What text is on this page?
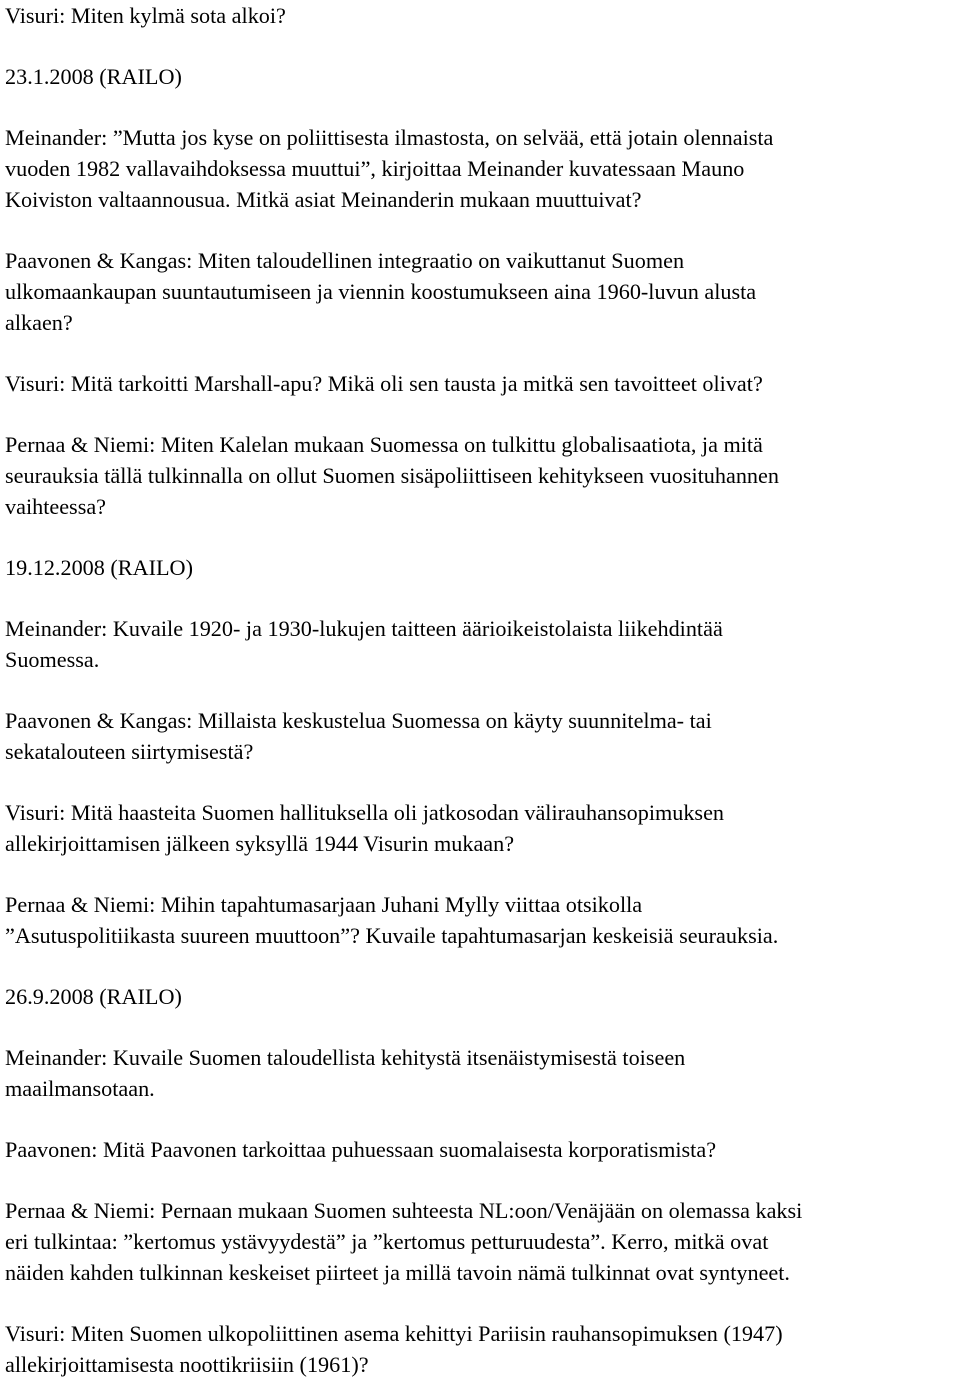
Visuri: Miten kylmä sota alkoi?
23.1.2008 (RAILO)
Meinander: ”Mutta jos kyse on poliittisesta ilmastosta, on selvää, että jotain olennaista
vuoden 1982 vallavaihdoksessa muuttui”, kirjoittaa Meinander kuvatessaan Mauno
Koiviston valtaannousua. Mitkä asiat Meinanderin mukaan muuttuivat?
Paavonen & Kangas: Miten taloudellinen integraatio on vaikuttanut Suomen
ulkomaankaupan suuntautumiseen ja viennin koostumukseen aina 1960-luvun alusta
alkaen?
Visuri: Mitä tarkoitti Marshall-apu? Mikä oli sen tausta ja mitkä sen tavoitteet olivat?
Pernaa & Niemi: Miten Kalelan mukaan Suomessa on tulkittu globalisaatiota, ja mitä
seurauksia tällä tulkinnalla on ollut Suomen sisäpoliittiseen kehitykseen vuosituhannen
vaihteessa?
19.12.2008 (RAILO)
Meinander: Kuvaile 1920- ja 1930-lukujen taitteen äärioikeistolaista liikehdintää
Suomessa.
Paavonen & Kangas: Millaista keskustelua Suomessa on käyty suunnitelma- tai
sekatalouteen siirtymisestä?
Visuri: Mitä haasteita Suomen hallituksella oli jatkosodan välirauhansopimuksen
allekirjoittamisen jälkeen syksyllä 1944 Visurin mukaan?
Pernaa & Niemi: Mihin tapahtumasarjaan Juhani Mylly viittaa otsikolla
”Asutuspolitiikasta suureen muuttoon”? Kuvaile tapahtumasarjan keskeisiä seurauksia.
26.9.2008 (RAILO)
Meinander: Kuvaile Suomen taloudellista kehitystä itsenäistymisestä toiseen
maailmansotaan.
Paavonen: Mitä Paavonen tarkoittaa puhuessaan suomalaisesta korporatismista?
Pernaa & Niemi: Pernaan mukaan Suomen suhteesta NL:oon/Venäjään on olemassa kaksi
eri tulkintaa: ”kertomus ystävyydestä” ja ”kertomus petturuudesta”. Kerro, mitkä ovat
näiden kahden tulkinnan keskeiset piirteet ja millä tavoin nämä tulkinnat ovat syntyneet.
Visuri: Miten Suomen ulkopoliittinen asema kehittyi Pariisin rauhansopimuksen (1947)
allekirjoittamisesta noottikriisiin (1961)?
